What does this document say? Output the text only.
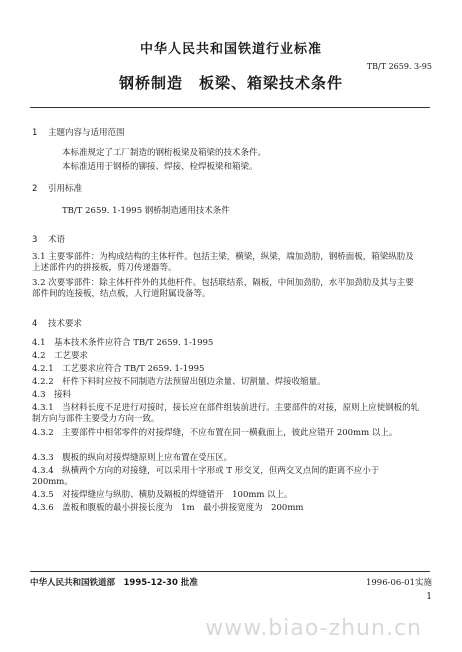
中华人民共和国铁道行业标准
TB/T 2659. 3-95
钢桥制造　板梁、箱梁技术条件
1 主题内容与适用范围
本标准规定了工厂制造的钢桁板梁及箱梁的技术条件。
本标准适用于钢桥的铆接、焊接、栓焊板梁和箱梁。
2 引用标准
TB/T 2659. 1-1995 钢桥制造通用技术条件
3 术语
3.1 主要零部件：为构成结构的主体杆件。包括主梁，横梁，纵梁，端加劲肋，钢桥面板，箱梁纵肋及上述部件内的拼接板，剪刀传递器等。
3.2 次要零部件：除主体杆件外的其他杆件。包括联结系，隔板，中间加劲肋，水平加劲肋及其与主要部件间的连接板，结点板，人行道附属设备等。
4 技术要求
4.1　基本技术条件应符合 TB/T 2659. 1-1995
4.2　工艺要求
4.2.1　工艺要求应符合 TB/T 2659. 1-1995
4.2.2　杆件下料时应按不同制造方法预留出刨边余量、切割量、焊接收缩量。
4.3　接料
4.3.1　当材料长度不足进行对接时，接长应在部件组装前进行。主要部件的对接，原则上应使钢板的轧制方向与部件主要受力方向一致。
4.3.2　主要部件中相邻零件的对接焊缝，不应布置在同一横截面上，彼此应错开 200mm 以上。
4.3.3　腹板的纵向对接焊缝原则上应布置在受压区。
4.3.4　纵横两个方向的对接缝，可以采用十字形或 T 形交叉，但两交叉点间的距离不应小于 200mm。
4.3.5　对接焊缝应与纵肋、横肋及隔板的焊缝错开　100mm 以上。
4.3.6　盖板和腹板的最小拼接长度为　1m　最小拼接宽度为　200mm
中华人民共和国铁道部　1995-12-30 批准	1996-06-01实施
1
www.biao-zhun.cn
